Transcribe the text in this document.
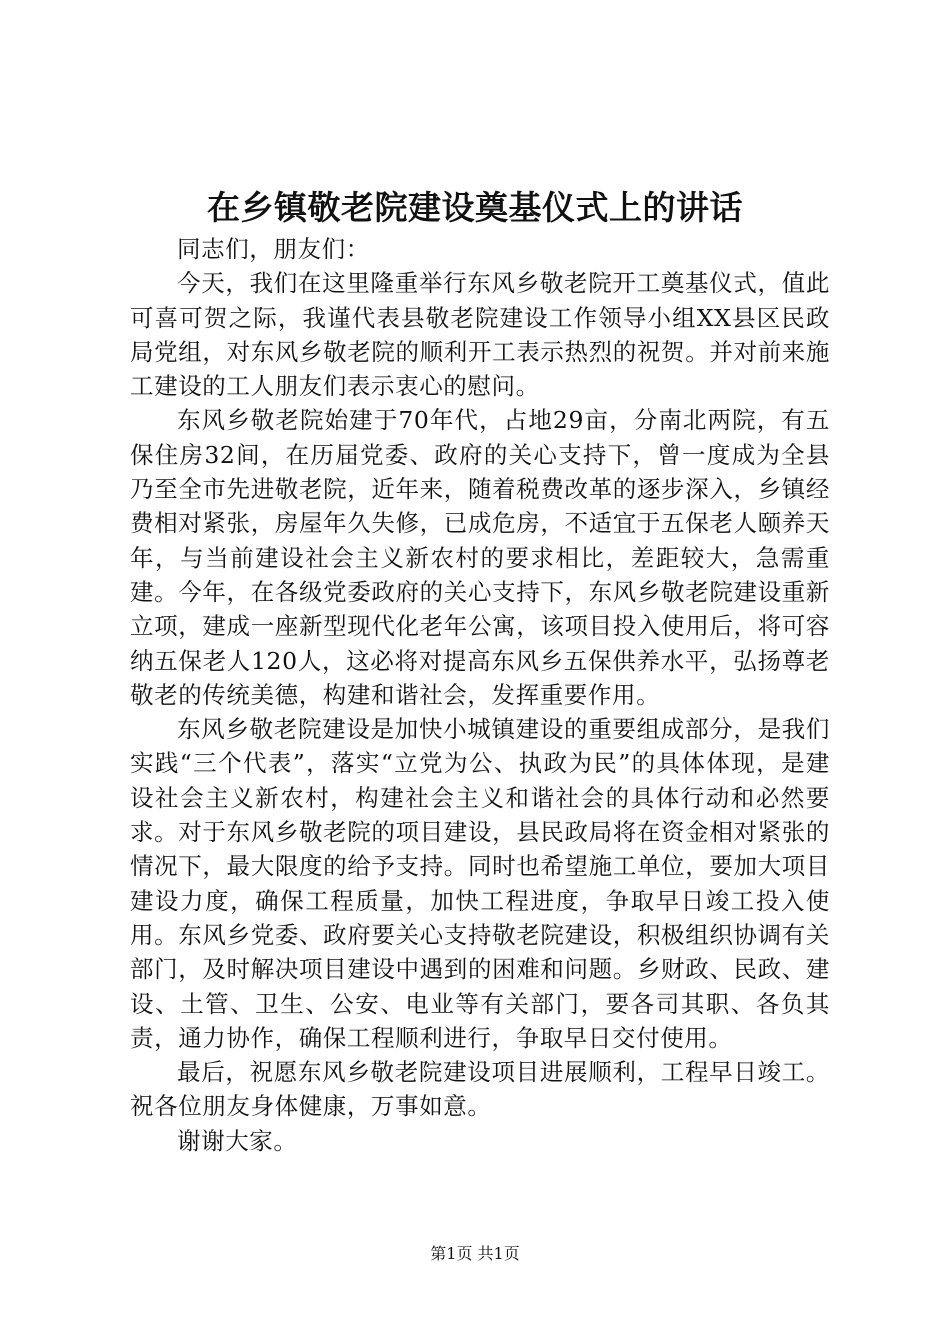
在乡镇敬老院建设奠基仪式上的讲话

同志们，朋友们：

今天，我们在这里隆重举行东风乡敬老院开工奠基仪式，值此可喜可贺之际，我谨代表县敬老院建设工作领导小组XX县区民政局党组，对东风乡敬老院的顺利开工表示热烈的祝贺。并对前来施工建设的工人朋友们表示衷心的慰问。

东风乡敬老院始建于70年代，占地29亩，分南北两院，有五保住房32间，在历届党委、政府的关心支持下，曾一度成为全县乃至全市先进敬老院，近年来，随着税费改革的逐步深入，乡镇经费相对紧张，房屋年久失修，已成危房，不适宜于五保老人颐养天年，与当前建设社会主义新农村的要求相比，差距较大，急需重建。今年，在各级党委政府的关心支持下，东风乡敬老院建设重新立项，建成一座新型现代化老年公寓，该项目投入使用后，将可容纳五保老人120人，这必将对提高东风乡五保供养水平，弘扬尊老敬老的传统美德，构建和谐社会，发挥重要作用。

东风乡敬老院建设是加快小城镇建设的重要组成部分，是我们实践“三个代表”，落实“立党为公、执政为民”的具体体现，是建设社会主义新农村，构建社会主义和谐社会的具体行动和必然要求。对于东风乡敬老院的项目建设，县民政局将在资金相对紧张的情况下，最大限度的给予支持。同时也希望施工单位，要加大项目建设力度，确保工程质量，加快工程进度，争取早日竣工投入使用。东风乡党委、政府要关心支持敬老院建设，积极组织协调有关部门，及时解决项目建设中遇到的困难和问题。乡财政、民政、建设、土管、卫生、公安、电业等有关部门，要各司其职、各负其责，通力协作，确保工程顺利进行，争取早日交付使用。

最后，祝愿东风乡敬老院建设项目进展顺利，工程早日竣工。祝各位朋友身体健康，万事如意。

谢谢大家。

第1页 共1页
